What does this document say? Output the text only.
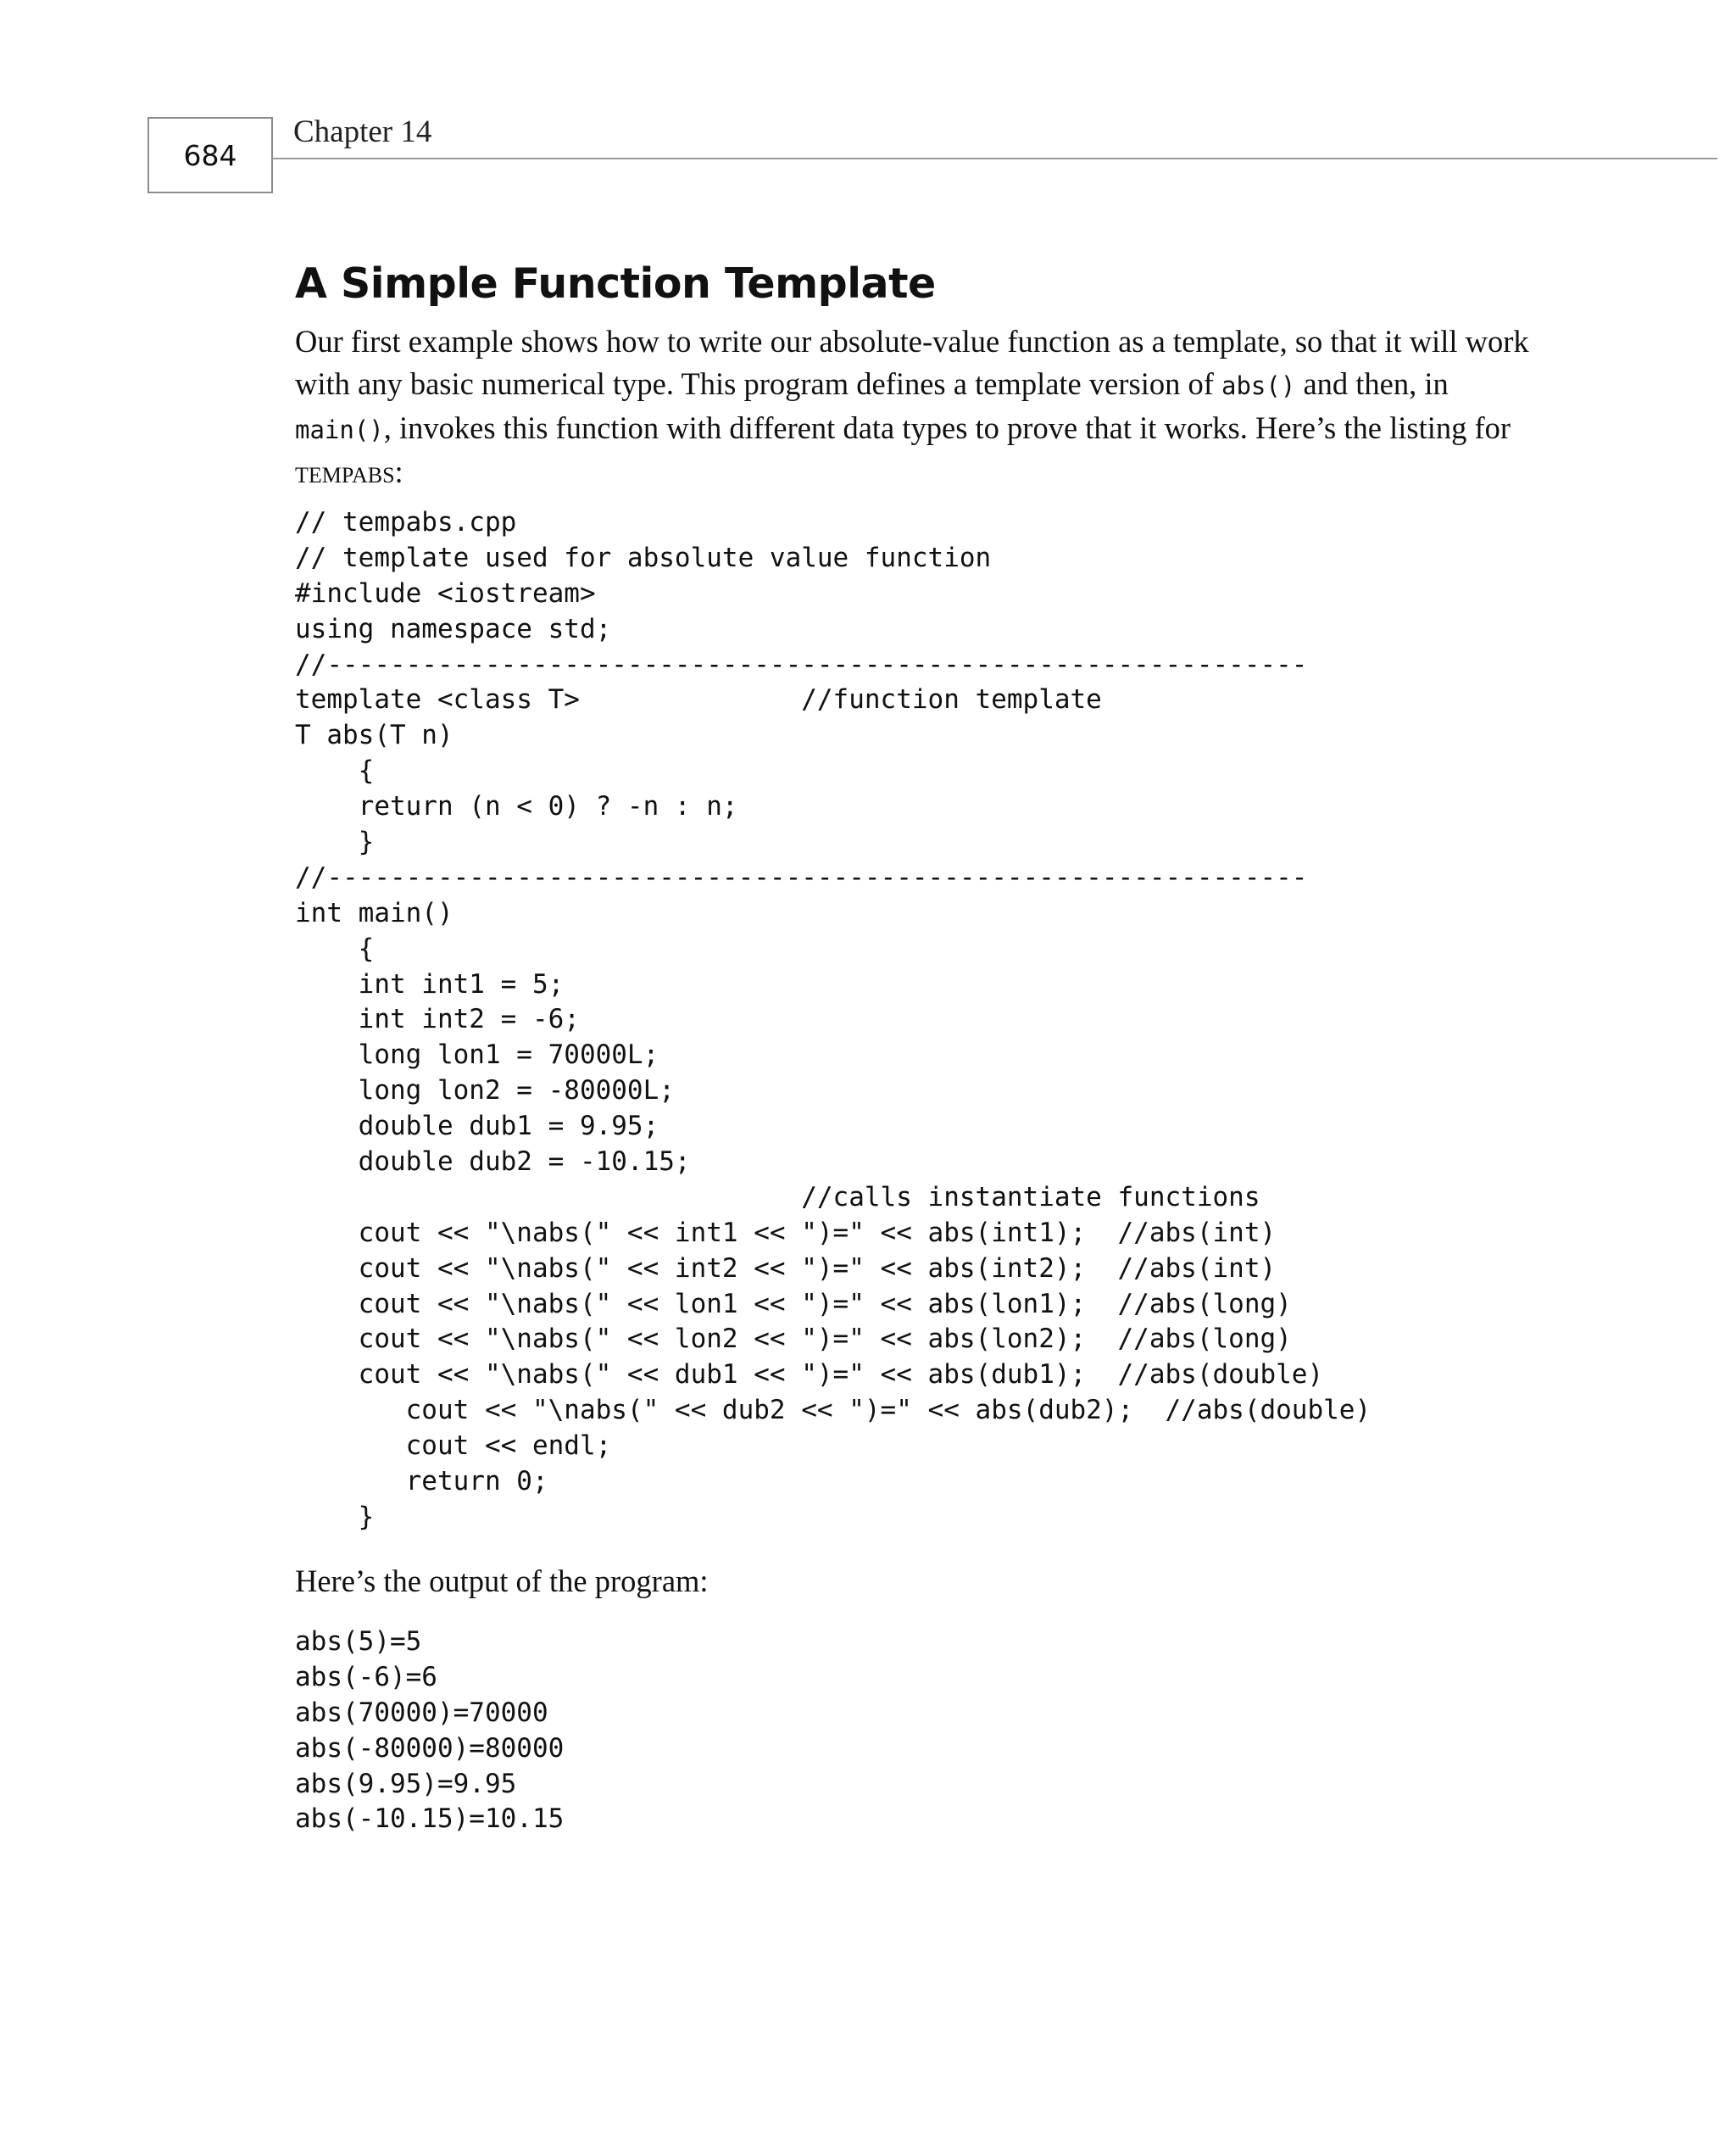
684
Chapter 14
A Simple Function Template

Our first example shows how to write our absolute-value function as a template, so that it will work with any basic numerical type. This program defines a template version of abs() and then, in main(), invokes this function with different data types to prove that it works. Here’s the listing for tempabs:

// tempabs.cpp
// template used for absolute value function
#include <iostream>
using namespace std;
//--------------------------------------------------------------
template <class T>              //function template
T abs(T n)
{
return (n < 0) ? -n : n;
}
//--------------------------------------------------------------
int main()
{
int int1 = 5;
int int2 = -6;
long lon1 = 70000L;
long lon2 = -80000L;
double dub1 = 9.95;
double dub2 = -10.15;
//calls instantiate functions
cout << "\nabs(" << int1 << ")=" << abs(int1);  //abs(int)
cout << "\nabs(" << int2 << ")=" << abs(int2);  //abs(int)
cout << "\nabs(" << lon1 << ")=" << abs(lon1);  //abs(long)
cout << "\nabs(" << lon2 << ")=" << abs(lon2);  //abs(long)
cout << "\nabs(" << dub1 << ")=" << abs(dub1);  //abs(double)
cout << "\nabs(" << dub2 << ")=" << abs(dub2);  //abs(double)
cout << endl;
return 0;
}

Here’s the output of the program:

abs(5)=5
abs(-6)=6
abs(70000)=70000
abs(-80000)=80000
abs(9.95)=9.95
abs(-10.15)=10.15
